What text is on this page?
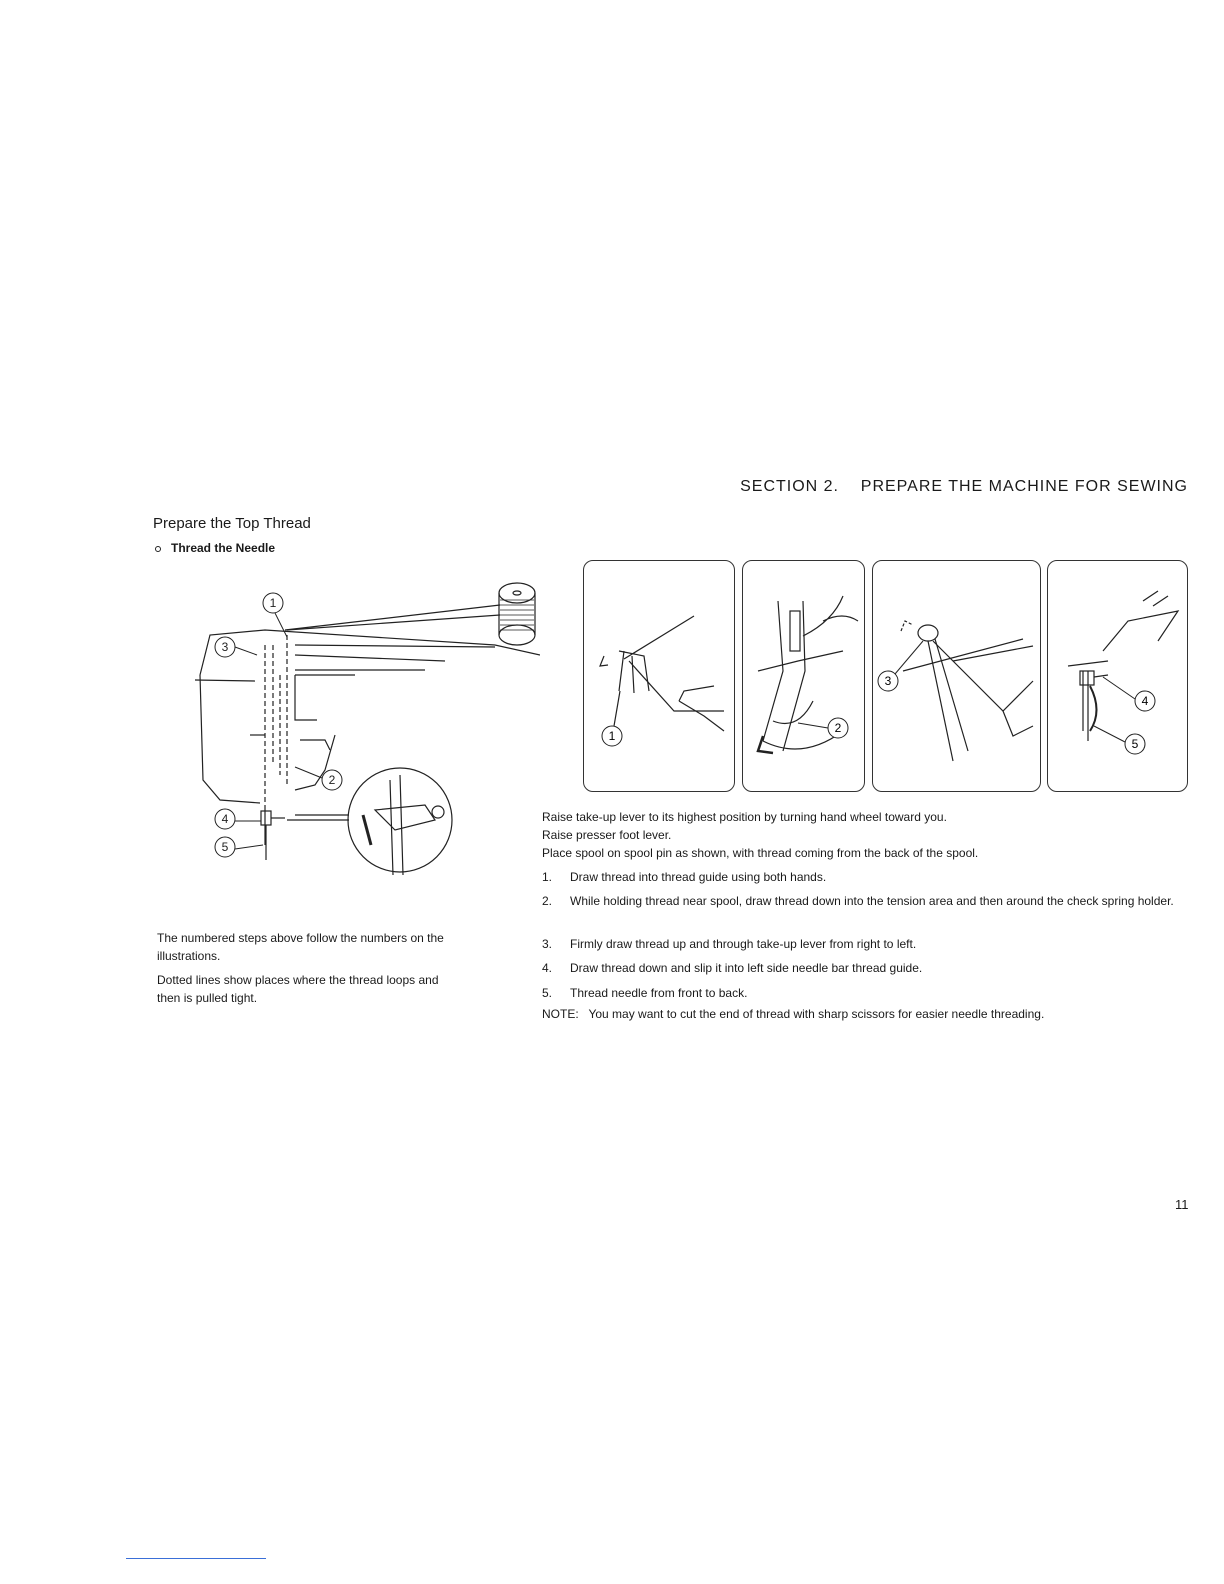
SECTION 2.    PREPARE THE MACHINE FOR SEWING
Prepare the Top Thread
Thread the Needle
1
3
2
4
5
1
2
3
4
5
The numbered steps above follow the numbers on the illustrations.
Dotted lines show places where the thread loops and then is pulled tight.
Raise take-up lever to its highest position by turning hand wheel toward you.
Raise presser foot lever.
Place spool on spool pin as shown, with thread coming from the back of the spool.
1.	Draw thread into thread guide using both hands.
2.	While holding thread near spool, draw thread down into the tension area and then around the check spring holder.
3.	Firmly draw thread up and through take-up lever from right to left.
4.	Draw thread down and slip it into left side needle bar thread guide.
5.	Thread needle from front to back.
NOTE:   You may want to cut the end of thread with sharp scissors for easier needle threading.
11
